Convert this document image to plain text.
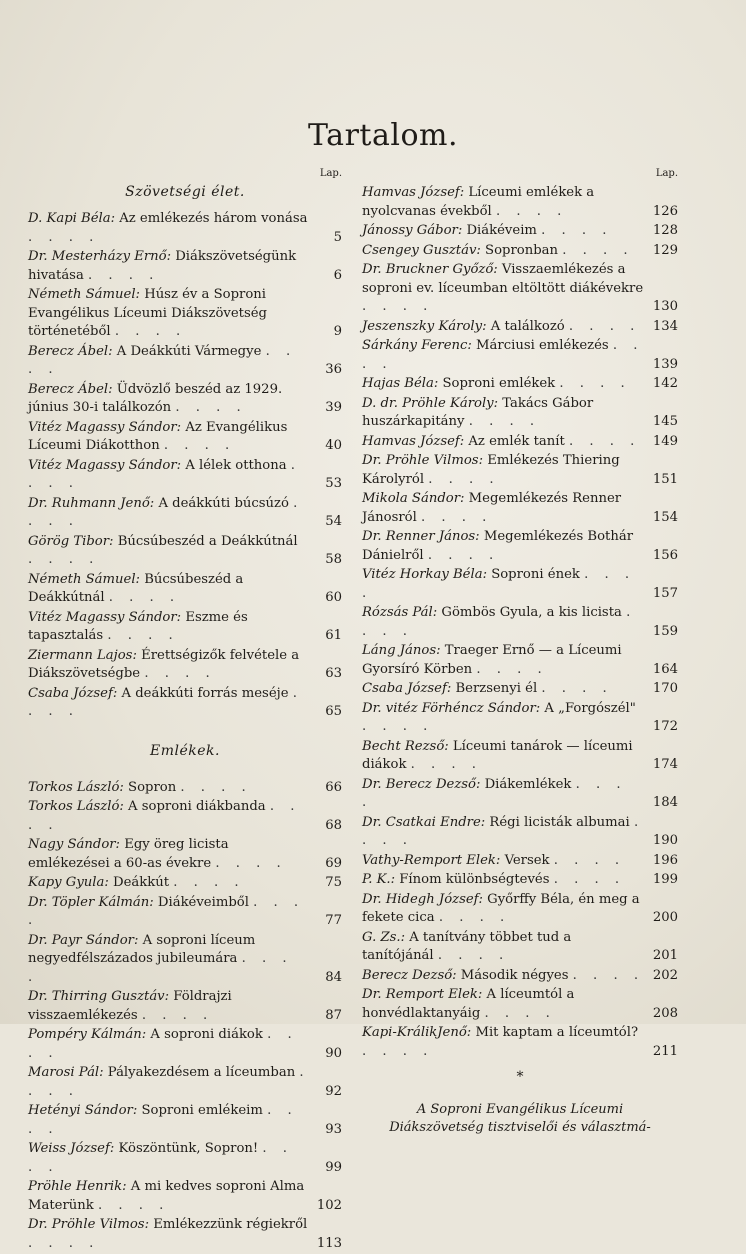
Tartalom.
Lap.
Szövetségi élet.
D. Kapi Béla: Az emlékezés három vonása . . . .	5
Dr. Mesterházy Ernő: Diákszövetségünk hivatása . . . .	6
Németh Sámuel: Húsz év a Soproni Evangélikus Líceumi Diákszövetség történetéből . . . .	9
Berecz Ábel: A Deákkúti Vármegye . . . .	36
Berecz Ábel: Üdvözlő beszéd az 1929. június 30-i találkozón . . . .	39
Vitéz Magassy Sándor: Az Evangélikus Líceumi Diákotthon . . . .	40
Vitéz Magassy Sándor: A lélek otthona . . . .	53
Dr. Ruhmann Jenő: A deákkúti búcsúzó . . . .	54
Görög Tibor: Búcsúbeszéd a Deákkútnál . . . .	58
Németh Sámuel: Búcsúbeszéd a Deákkútnál . . . .	60
Vitéz Magassy Sándor: Eszme és tapasztalás . . . .	61
Ziermann Lajos: Érettségizők felvétele a Diákszövetségbe . . . .	63
Csaba József: A deákkúti forrás meséje . . . .	65
Emlékek.
Torkos László: Sopron . . . .	66
Torkos László: A soproni diákbanda . . . .	68
Nagy Sándor: Egy öreg licista emlékezései a 60-as évekre . . . .	69
Kapy Gyula: Deákkút . . . .	75
Dr. Töpler Kálmán: Diákéveimből . . . .	77
Dr. Payr Sándor: A soproni líceum negyedfélszázados jubileumára . . . .	84
Dr. Thirring Gusztáv: Földrajzi visszaemlékezés . . . .	87
Pompéry Kálmán: A soproni diákok . . . .	90
Marosi Pál: Pályakezdésem a líceumban . . . .	92
Hetényi Sándor: Soproni emlékeim . . . .	93
Weiss József: Köszöntünk, Sopron! . . . .	99
Pröhle Henrik: A mi kedves soproni Alma Materünk . . . .	102
Dr. Pröhle Vilmos: Emlékezzünk régiekről . . . .	113
Lap.
Hamvas József: Líceumi emlékek a nyolcvanas évekből . . . .	126
Jánossy Gábor: Diákéveim . . . .	128
Csengey Gusztáv: Sopronban . . . .	129
Dr. Bruckner Győző: Visszaemlékezés a soproni ev. líceumban eltöltött diákévekre . . . .	130
Jeszenszky Károly: A találkozó . . . . 134
Sárkány Ferenc: Márciusi emlékezés . . . .	139
Hajas Béla: Soproni emlékek . . . .	142
D. dr. Pröhle Károly: Takács Gábor huszárkapitány . . . .	145
Hamvas József: Az emlék tanít . . . . 149
Dr. Pröhle Vilmos: Emlékezés Thiering Károlyról . . . .	151
Mikola Sándor: Megemlékezés Renner Jánosról . . . .	154
Dr. Renner János: Megemlékezés Bothár Dánielről . . . .	156
Vitéz Horkay Béla: Soproni ének . . . .	157
Rózsás Pál: Gömbös Gyula, a kis licista . . . .	159
Láng János: Traeger Ernő — a Líceumi Gyorsíró Körben . . . .	164
Csaba József: Berzsenyi él . . . .	170
Dr. vitéz Förhéncz Sándor: A „Forgószél" . . . .	172
Becht Rezső: Líceumi tanárok — líceumi diákok . . . .	174
Dr. Berecz Dezső: Diákemlékek . . . .	184
Dr. Csatkai Endre: Régi licisták albumai . . . .	190
Vathy-Remport Elek: Versek . . . .	196
P. K.: Fínom különbségtevés . . . .	199
Dr. Hidegh József: Győrffy Béla, én meg a fekete cica . . . .	200
G. Zs.: A tanítvány többet tud a tanítójánál . . . .	201
Berecz Dezső: Második négyes . . . . 202
Dr. Remport Elek: A líceumtól a honvédlaktanyáig . . . .	208
Kapi-KrálikJenő: Mit kaptam a líceumtól? . . . .	211
*
A Soproni Evangélikus Líceumi Diákszövetség tisztviselői és választmá-
